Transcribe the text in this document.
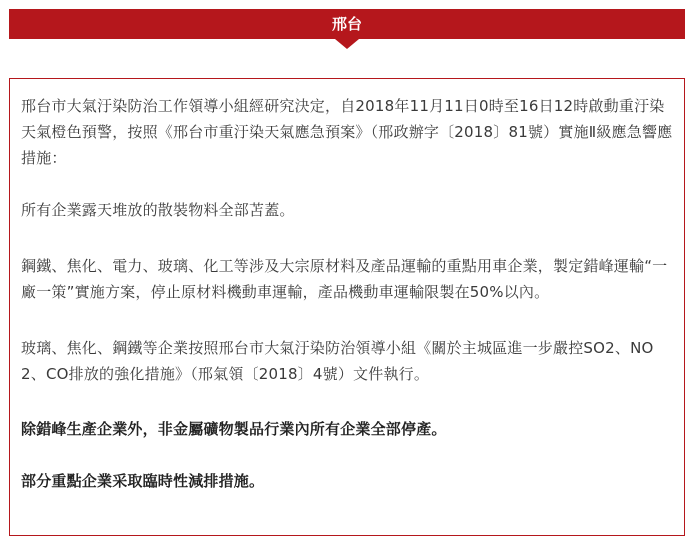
邢台

邢台市大氣汙染防治工作領導小組經研究決定，自2018年11月11日0時至16日12時啟動重汙染天氣橙色預警，按照《邢台市重汙染天氣應急預案》（邢政辦字〔2018〕81號）實施Ⅱ級應急響應措施：

所有企業露天堆放的散裝物料全部苫蓋。

鋼鐵、焦化、電力、玻璃、化工等涉及大宗原材料及產品運輸的重點用車企業，製定錯峰運輸“一廠一策”實施方案，停止原材料機動車運輸，產品機動車運輸限製在50%以內。

玻璃、焦化、鋼鐵等企業按照邢台市大氣汙染防治領導小組《關於主城區進一步嚴控SO2、NO2、CO排放的強化措施》（邢氣領〔2018〕4號）文件執行。

除錯峰生產企業外，非金屬礦物製品行業內所有企業全部停產。

部分重點企業采取臨時性減排措施。
